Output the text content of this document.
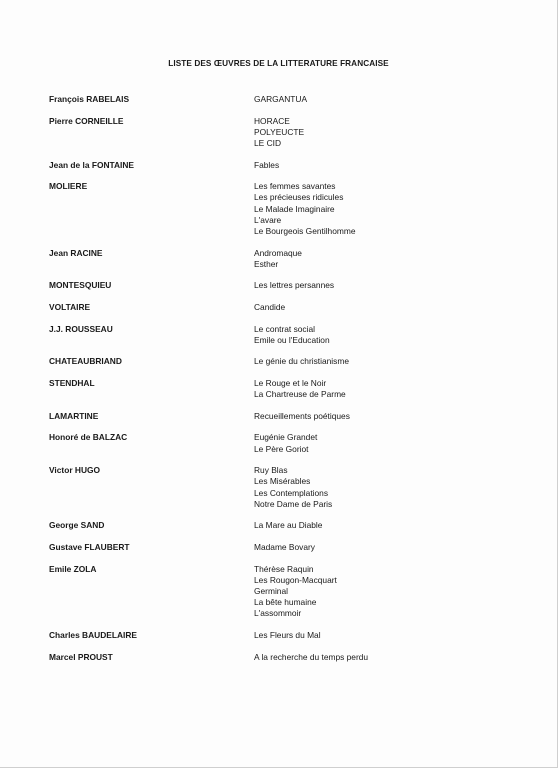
LISTE DES ŒUVRES DE LA LITTERATURE FRANCAISE
François RABELAIS	GARGANTUA
Pierre CORNEILLE	HORACE
POLYEUCTE
LE CID
Jean de la FONTAINE	Fables
MOLIERE	Les femmes savantes
Les précieuses ridicules
Le Malade Imaginaire
L'avare
Le Bourgeois Gentilhomme
Jean RACINE	Andromaque
Esther
MONTESQUIEU	Les lettres persannes
VOLTAIRE	Candide
J.J. ROUSSEAU	Le contrat social
Emile ou l'Education
CHATEAUBRIAND	Le génie du christianisme
STENDHAL	Le Rouge et le Noir
La Chartreuse de Parme
LAMARTINE	Recueillements poétiques
Honoré de BALZAC	Eugénie Grandet
Le Père Goriot
Victor HUGO	Ruy Blas
Les Misérables
Les Contemplations
Notre Dame de Paris
George SAND	La Mare au Diable
Gustave FLAUBERT	Madame Bovary
Emile ZOLA	Thérèse Raquin
Les Rougon-Macquart
Germinal
La bête humaine
L'assommoir
Charles BAUDELAIRE	Les Fleurs du Mal
Marcel PROUST	A la recherche du temps perdu
